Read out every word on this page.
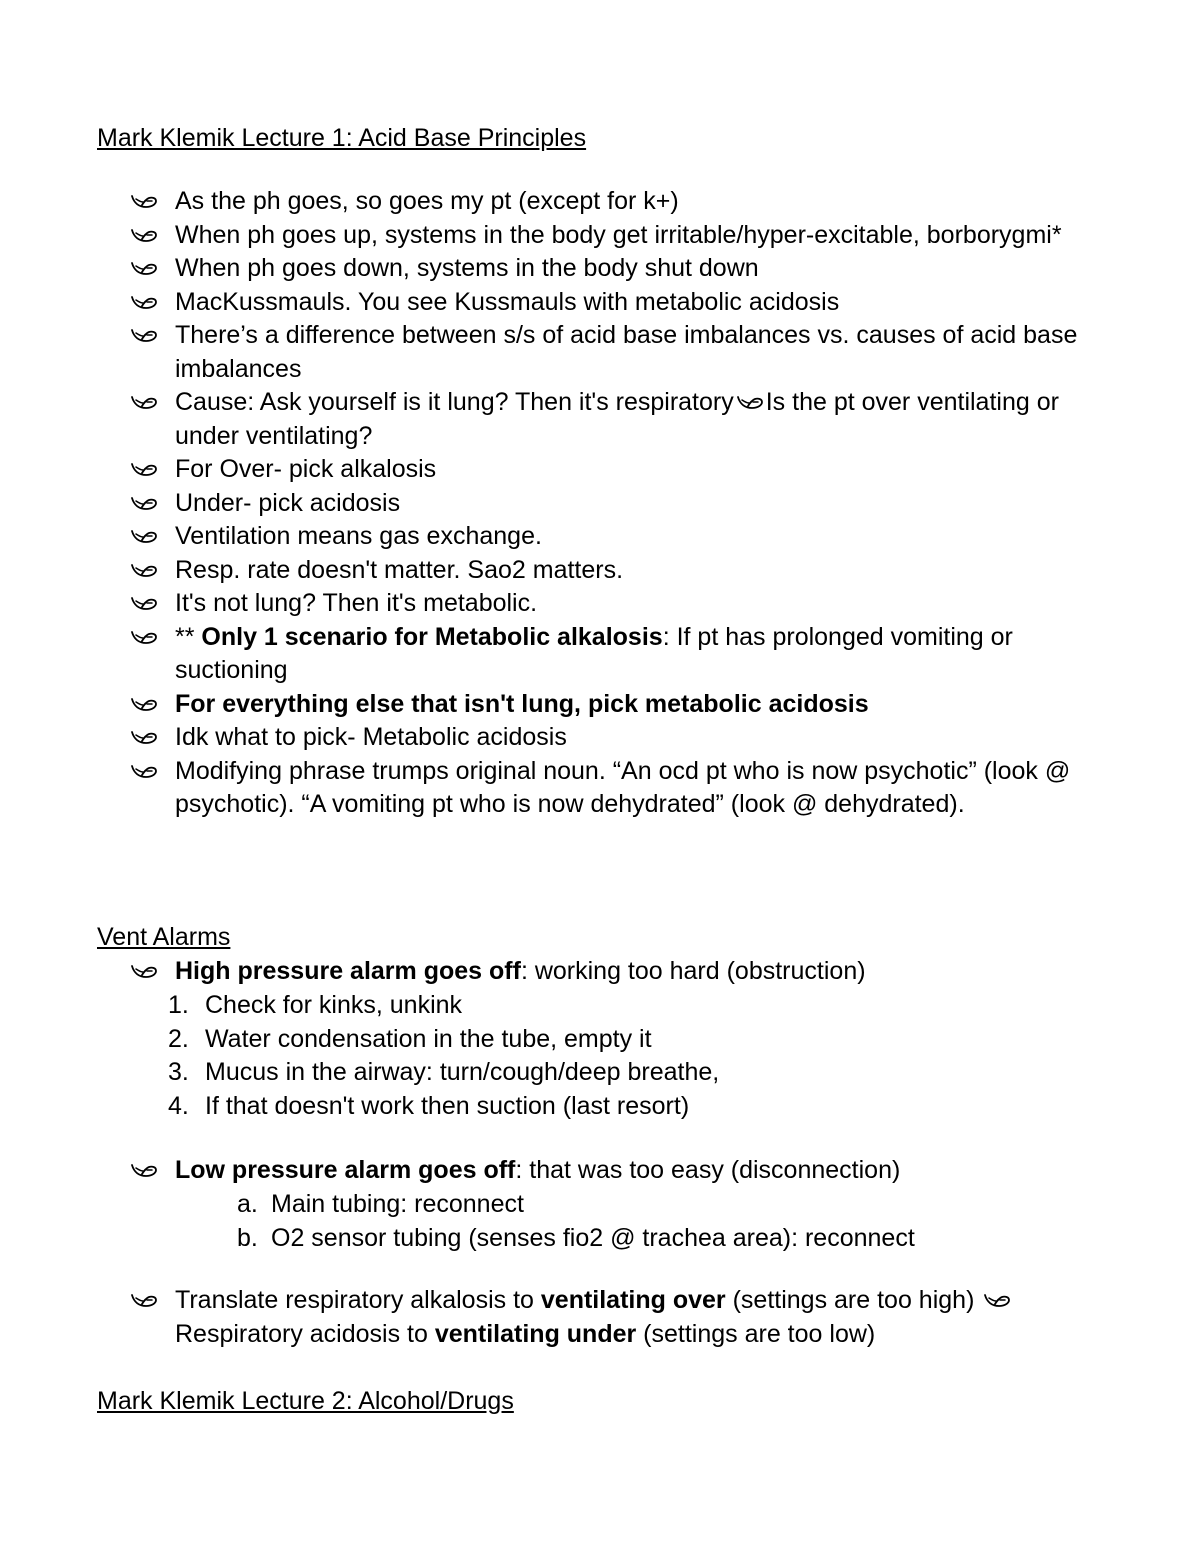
Mark Klemik Lecture 1: Acid Base Principles
As the ph goes, so goes my pt (except for k+)
When ph goes up, systems in the body get irritable/hyper-excitable, borborygmi*
When ph goes down, systems in the body shut down
MacKussmauls. You see Kussmauls with metabolic acidosis
There’s a difference between s/s of acid base imbalances vs. causes of acid base imbalances
Cause: Ask yourself is it lung? Then it's respiratory Is the pt over ventilating or under ventilating?
For Over- pick alkalosis
Under- pick acidosis
Ventilation means gas exchange.
Resp. rate doesn't matter. Sao2 matters.
It's not lung? Then it's metabolic.
** Only 1 scenario for Metabolic alkalosis: If pt has prolonged vomiting or suctioning
For everything else that isn't lung, pick metabolic acidosis
Idk what to pick- Metabolic acidosis
Modifying phrase trumps original noun. “An ocd pt who is now psychotic” (look @ psychotic). “A vomiting pt who is now dehydrated” (look @ dehydrated).
Vent Alarms
High pressure alarm goes off: working too hard (obstruction)
1. Check for kinks, unkink
2. Water condensation in the tube, empty it
3. Mucus in the airway: turn/cough/deep breathe,
4. If that doesn't work then suction (last resort)
Low pressure alarm goes off: that was too easy (disconnection)
a. Main tubing: reconnect
b. O2 sensor tubing (senses fio2 @ trachea area): reconnect
Translate respiratory alkalosis to ventilating over (settings are too high)

Respiratory acidosis to ventilating under (settings are too low)
Mark Klemik Lecture 2: Alcohol/Drugs
